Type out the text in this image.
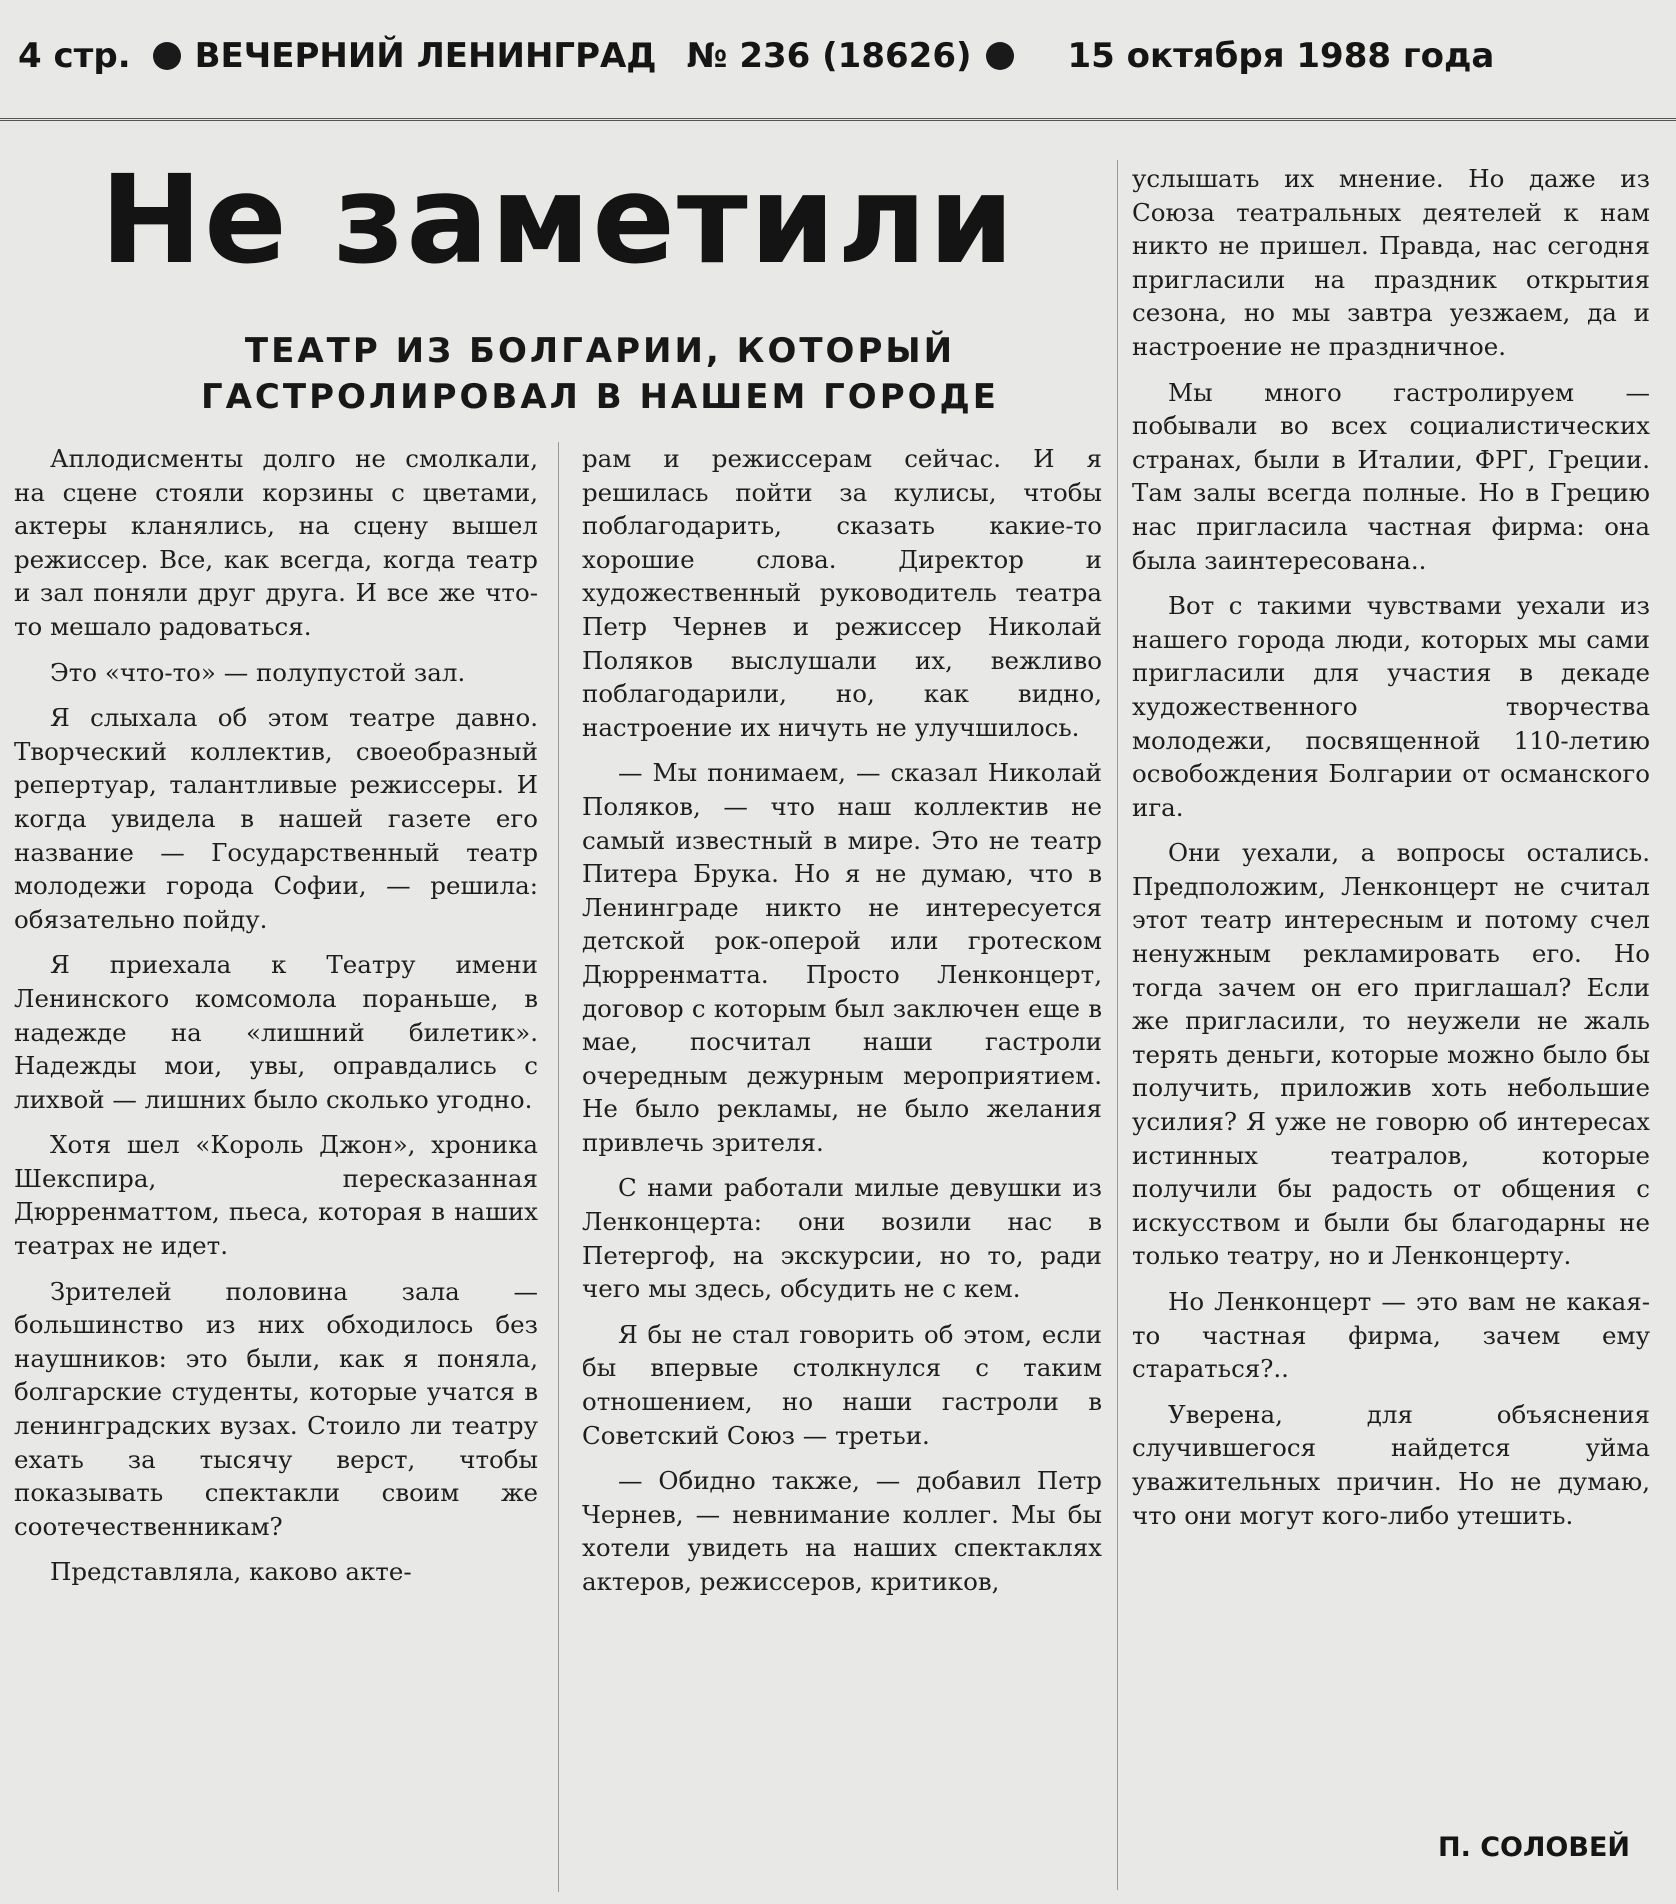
4 стр. ВЕЧЕРНИЙ ЛЕНИНГРАД № 236 (18626)	15 октября 1988 года
Не заметили
ТЕАТР ИЗ БОЛГАРИИ, КОТОРЫЙ
ГАСТРОЛИРОВАЛ В НАШЕМ ГОРОДЕ

Аплодисменты долго не смолкали, на сцене стояли корзины с цветами, актеры кланялись, на сцену вышел режиссер. Все, как всегда, когда театр и зал поняли друг друга. И все же что-то мешало радоваться.

Это «что-то» — полупустой зал.

Я слыхала об этом театре давно. Творческий коллектив, своеобразный репертуар, талантливые режиссеры. И когда увидела в нашей газете его название — Государственный театр молодежи города Софии, — решила: обязательно пойду.

Я приехала к Театру имени Ленинского комсомола пораньше, в надежде на «лишний билетик». Надежды мои, увы, оправдались с лихвой — лишних было сколько угодно.

Хотя шел «Король Джон», хроника Шекспира, пересказанная Дюрренматтом, пьеса, которая в наших театрах не идет.

Зрителей половина зала — большинство из них обходилось без наушников: это были, как я поняла, болгарские студенты, которые учатся в ленинградских вузах. Стоило ли театру ехать за тысячу верст, чтобы показывать спектакли своим же соотечественникам?

Представляла, каково акте-

рам и режиссерам сейчас. И я решилась пойти за кулисы, чтобы поблагодарить, сказать какие-то хорошие слова. Директор и художественный руководитель театра Петр Чернев и режиссер Николай Поляков выслушали их, вежливо поблагодарили, но, как видно, настроение их ничуть не улучшилось.

— Мы понимаем, — сказал Николай Поляков, — что наш коллектив не самый известный в мире. Это не театр Питера Брука. Но я не думаю, что в Ленинграде никто не интересуется детской рок-оперой или гротеском Дюрренматта. Просто Ленконцерт, договор с которым был заключен еще в мае, посчитал наши гастроли очередным дежурным мероприятием. Не было рекламы, не было желания привлечь зрителя.

С нами работали милые девушки из Ленконцерта: они возили нас в Петергоф, на экскурсии, но то, ради чего мы здесь, обсудить не с кем.

Я бы не стал говорить об этом, если бы впервые столкнулся с таким отношением, но наши гастроли в Советский Союз — третьи.

— Обидно также, — добавил Петр Чернев, — невнимание коллег. Мы бы хотели увидеть на наших спектаклях актеров, режиссеров, критиков,

услышать их мнение. Но даже из Союза театральных деятелей к нам никто не пришел. Правда, нас сегодня пригласили на праздник открытия сезона, но мы завтра уезжаем, да и настроение не праздничное.

Мы много гастролируем — побывали во всех социалистических странах, были в Италии, ФРГ, Греции. Там залы всегда полные. Но в Грецию нас пригласила частная фирма: она была заинтересована..

Вот с такими чувствами уехали из нашего города люди, которых мы сами пригласили для участия в декаде художественного творчества молодежи, посвященной 110-летию освобождения Болгарии от османского ига.

Они уехали, а вопросы остались. Предположим, Ленконцерт не считал этот театр интересным и потому счел ненужным рекламировать его. Но тогда зачем он его приглашал? Если же пригласили, то неужели не жаль терять деньги, которые можно было бы получить, приложив хоть небольшие усилия? Я уже не говорю об интересах истинных театралов, которые получили бы радость от общения с искусством и были бы благодарны не только театру, но и Ленконцерту.

Но Ленконцерт — это вам не какая-то частная фирма, зачем ему стараться?..

Уверена, для объяснения случившегося найдется уйма уважительных причин. Но не думаю, что они могут кого-либо утешить.

П. СОЛОВЕЙ
